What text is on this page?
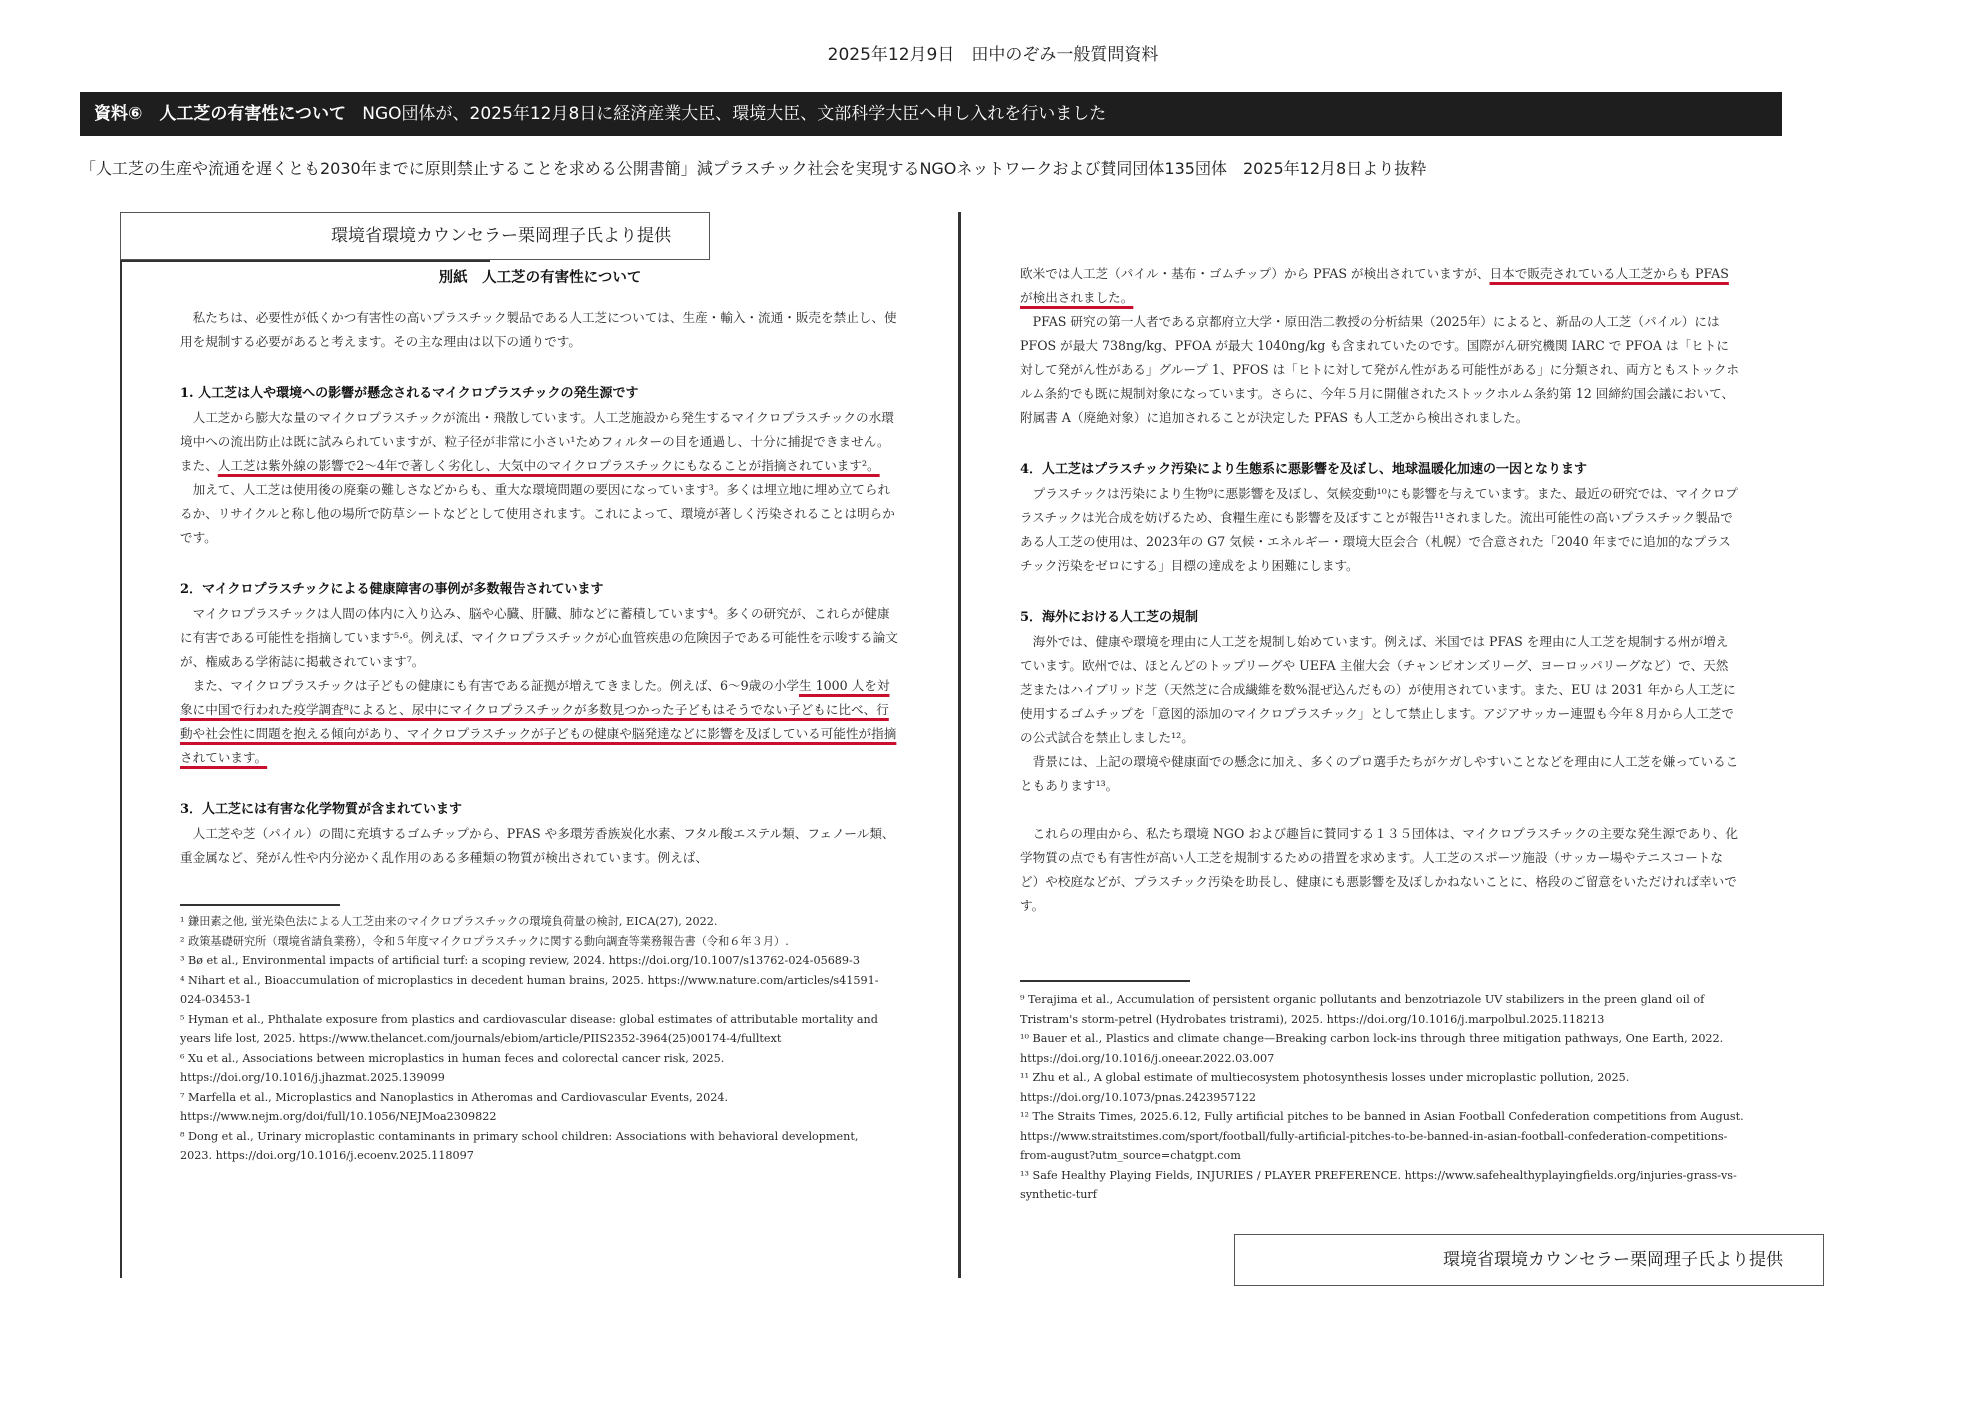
2025年12月9日　田中のぞみ一般質問資料
資料⑥　人工芝の有害性について NGO団体が、2025年12月8日に経済産業大臣、環境大臣、文部科学大臣へ申し入れを行いました
「人工芝の生産や流通を遅くとも2030年までに原則禁止することを求める公開書簡」減プラスチック社会を実現するNGOネットワークおよび賛同団体135団体　2025年12月8日より抜粋
環境省環境カウンセラー栗岡理子氏より提供
別紙　人工芝の有害性について

私たちは、必要性が低くかつ有害性の高いプラスチック製品である人工芝については、生産・輸入・流通・販売を禁止し、使用を規制する必要があると考えます。その主な理由は以下の通りです。

1. 人工芝は人や環境への影響が懸念されるマイクロプラスチックの発生源です

人工芝から膨大な量のマイクロプラスチックが流出・飛散しています。人工芝施設から発生するマイクロプラスチックの水環境中への流出防止は既に試みられていますが、粒子径が非常に小さい¹ためフィルターの目を通過し、十分に捕捉できません。また、人工芝は紫外線の影響で2～4年で著しく劣化し、大気中のマイクロプラスチックにもなることが指摘されています²。

加えて、人工芝は使用後の廃棄の難しさなどからも、重大な環境問題の要因になっています³。多くは埋立地に埋め立てられるか、リサイクルと称し他の場所で防草シートなどとして使用されます。これによって、環境が著しく汚染されることは明らかです。

2．マイクロプラスチックによる健康障害の事例が多数報告されています

マイクロプラスチックは人間の体内に入り込み、脳や心臓、肝臓、肺などに蓄積しています⁴。多くの研究が、これらが健康に有害である可能性を指摘しています⁵·⁶。例えば、マイクロプラスチックが心血管疾患の危険因子である可能性を示唆する論文が、権威ある学術誌に掲載されています⁷。

また、マイクロプラスチックは子どもの健康にも有害である証拠が増えてきました。例えば、6～9歳の小学生 1000 人を対象に中国で行われた疫学調査⁸によると、尿中にマイクロプラスチックが多数見つかった子どもはそうでない子どもに比べ、行動や社会性に問題を抱える傾向があり、マイクロプラスチックが子どもの健康や脳発達などに影響を及ぼしている可能性が指摘されています。

3．人工芝には有害な化学物質が含まれています

人工芝や芝（パイル）の間に充填するゴムチップから、PFAS や多環芳香族炭化水素、フタル酸エステル類、フェノール類、重金属など、発がん性や内分泌かく乱作用のある多種類の物質が検出されています。例えば、

¹ 鎌田素之他, 蛍光染色法による人工芝由来のマイクロプラスチックの環境負荷量の検討, EICA(27), 2022.
² 政策基礎研究所（環境省請負業務），令和５年度マイクロプラスチックに関する動向調査等業務報告書（令和６年３月）.
³ Bø et al., Environmental impacts of artificial turf: a scoping review, 2024. https://doi.org/10.1007/s13762-024-05689-3
⁴ Nihart et al., Bioaccumulation of microplastics in decedent human brains, 2025. https://www.nature.com/articles/s41591-024-03453-1
⁵ Hyman et al., Phthalate exposure from plastics and cardiovascular disease: global estimates of attributable mortality and years life lost, 2025. https://www.thelancet.com/journals/ebiom/article/PIIS2352-3964(25)00174-4/fulltext
⁶ Xu et al., Associations between microplastics in human feces and colorectal cancer risk, 2025. https://doi.org/10.1016/j.jhazmat.2025.139099
⁷ Marfella et al., Microplastics and Nanoplastics in Atheromas and Cardiovascular Events, 2024. https://www.nejm.org/doi/full/10.1056/NEJMoa2309822
⁸ Dong et al., Urinary microplastic contaminants in primary school children: Associations with behavioral development, 2023. https://doi.org/10.1016/j.ecoenv.2025.118097

欧米では人工芝（パイル・基布・ゴムチップ）から PFAS が検出されていますが、日本で販売されている人工芝からも PFAS が検出されました。

PFAS 研究の第一人者である京都府立大学・原田浩二教授の分析結果（2025年）によると、新品の人工芝（パイル）には PFOS が最大 738ng/kg、PFOA が最大 1040ng/kg も含まれていたのです。国際がん研究機関 IARC で PFOA は「ヒトに対して発がん性がある」グループ 1、PFOS は「ヒトに対して発がん性がある可能性がある」に分類され、両方ともストックホルム条約でも既に規制対象になっています。さらに、今年５月に開催されたストックホルム条約第 12 回締約国会議において、附属書 A（廃絶対象）に追加されることが決定した PFAS も人工芝から検出されました。

4．人工芝はプラスチック汚染により生態系に悪影響を及ぼし、地球温暖化加速の一因となります

プラスチックは汚染により生物⁹に悪影響を及ぼし、気候変動¹⁰にも影響を与えています。また、最近の研究では、マイクロプラスチックは光合成を妨げるため、食糧生産にも影響を及ぼすことが報告¹¹されました。流出可能性の高いプラスチック製品である人工芝の使用は、2023年の G7 気候・エネルギー・環境大臣会合（札幌）で合意された「2040 年までに追加的なプラスチック汚染をゼロにする」目標の達成をより困難にします。

5．海外における人工芝の規制

海外では、健康や環境を理由に人工芝を規制し始めています。例えば、米国では PFAS を理由に人工芝を規制する州が増えています。欧州では、ほとんどのトップリーグや UEFA 主催大会（チャンピオンズリーグ、ヨーロッパリーグなど）で、天然芝またはハイブリッド芝（天然芝に合成繊維を数%混ぜ込んだもの）が使用されています。また、EU は 2031 年から人工芝に使用するゴムチップを「意図的添加のマイクロプラスチック」として禁止します。アジアサッカー連盟も今年８月から人工芝での公式試合を禁止しました¹²。

背景には、上記の環境や健康面での懸念に加え、多くのプロ選手たちがケガしやすいことなどを理由に人工芝を嫌っていることもあります¹³。

これらの理由から、私たち環境 NGO および趣旨に賛同する１３５団体は、マイクロプラスチックの主要な発生源であり、化学物質の点でも有害性が高い人工芝を規制するための措置を求めます。人工芝のスポーツ施設（サッカー場やテニスコートなど）や校庭などが、プラスチック汚染を助長し、健康にも悪影響を及ぼしかねないことに、格段のご留意をいただければ幸いです。

⁹ Terajima et al., Accumulation of persistent organic pollutants and benzotriazole UV stabilizers in the preen gland oil of Tristram's storm-petrel (Hydrobates tristrami), 2025. https://doi.org/10.1016/j.marpolbul.2025.118213
¹⁰ Bauer et al., Plastics and climate change—Breaking carbon lock-ins through three mitigation pathways, One Earth, 2022. https://doi.org/10.1016/j.oneear.2022.03.007
¹¹ Zhu et al., A global estimate of multiecosystem photosynthesis losses under microplastic pollution, 2025. https://doi.org/10.1073/pnas.2423957122
¹² The Straits Times, 2025.6.12, Fully artificial pitches to be banned in Asian Football Confederation competitions from August. https://www.straitstimes.com/sport/football/fully-artificial-pitches-to-be-banned-in-asian-football-confederation-competitions-from-august?utm_source=chatgpt.com
¹³ Safe Healthy Playing Fields, INJURIES / PLAYER PREFERENCE. https://www.safehealthyplayingfields.org/injuries-grass-vs-synthetic-turf
環境省環境カウンセラー栗岡理子氏より提供
